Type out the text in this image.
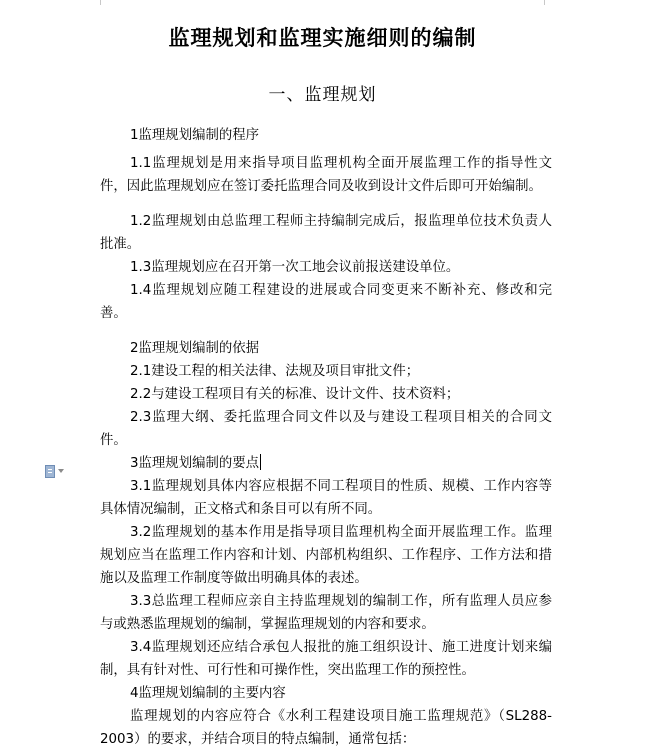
监理规划和监理实施细则的编制
一、监理规划

1监理规划编制的程序

1.1监理规划是用来指导项目监理机构全面开展监理工作的指导性文件，因此监理规划应在签订委托监理合同及收到设计文件后即可开始编制。

1.2监理规划由总监理工程师主持编制完成后，报监理单位技术负责人批准。

1.3监理规划应在召开第一次工地会议前报送建设单位。

1.4监理规划应随工程建设的进展或合同变更来不断补充、修改和完善。

2监理规划编制的依据

2.1建设工程的相关法律、法规及项目审批文件；

2.2与建设工程项目有关的标准、设计文件、技术资料；

2.3监理大纲、委托监理合同文件以及与建设工程项目相关的合同文件。

3监理规划编制的要点

3.1监理规划具体内容应根据不同工程项目的性质、规模、工作内容等具体情况编制，正文格式和条目可以有所不同。

3.2监理规划的基本作用是指导项目监理机构全面开展监理工作。监理规划应当在监理工作内容和计划、内部机构组织、工作程序、工作方法和措施以及监理工作制度等做出明确具体的表述。

3.3总监理工程师应亲自主持监理规划的编制工作，所有监理人员应参与或熟悉监理规划的编制，掌握监理规划的内容和要求。

3.4监理规划还应结合承包人报批的施工组织设计、施工进度计划来编制，具有针对性、可行性和可操作性，突出监理工作的预控性。

4监理规划编制的主要内容

监理规划的内容应符合《水利工程建设项目施工监理规范》（SL288-2003）的要求，并结合项目的特点编制，通常包括：
